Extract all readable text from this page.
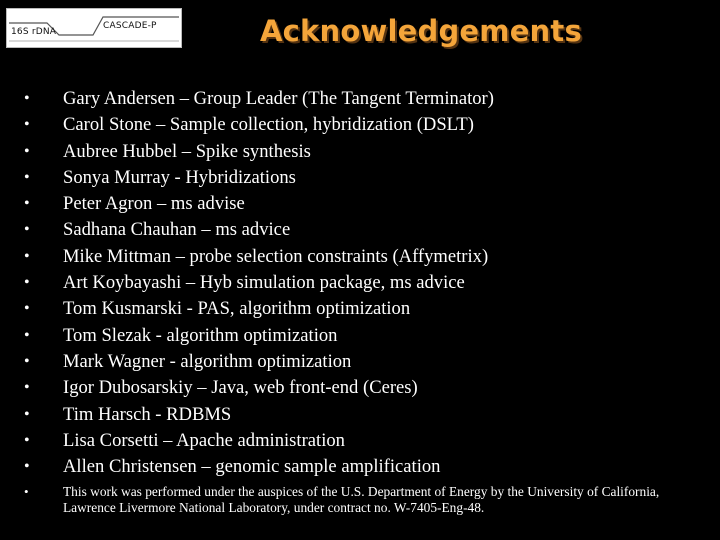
16S rDNA
CASCADE-P	Acknowledgements
•	Gary Andersen – Group Leader (The Tangent Terminator)
•	Carol Stone – Sample collection, hybridization (DSLT)
•	Aubree Hubbel – Spike synthesis
•	Sonya Murray - Hybridizations
•	Peter Agron – ms advise
•	Sadhana Chauhan – ms advice
•	Mike Mittman – probe selection constraints (Affymetrix)
•	Art Koybayashi – Hyb simulation package, ms advice
•	Tom Kusmarski - PAS, algorithm optimization
•	Tom Slezak - algorithm optimization
•	Mark Wagner - algorithm optimization
•	Igor Dubosarskiy – Java, web front-end (Ceres)
•	Tim Harsch - RDBMS
•	Lisa Corsetti – Apache administration
•	Allen Christensen – genomic sample amplification
•	This work was performed under the auspices of the U.S. Department of Energy by the University of California, Lawrence Livermore National Laboratory, under contract no. W-7405-Eng-48.
